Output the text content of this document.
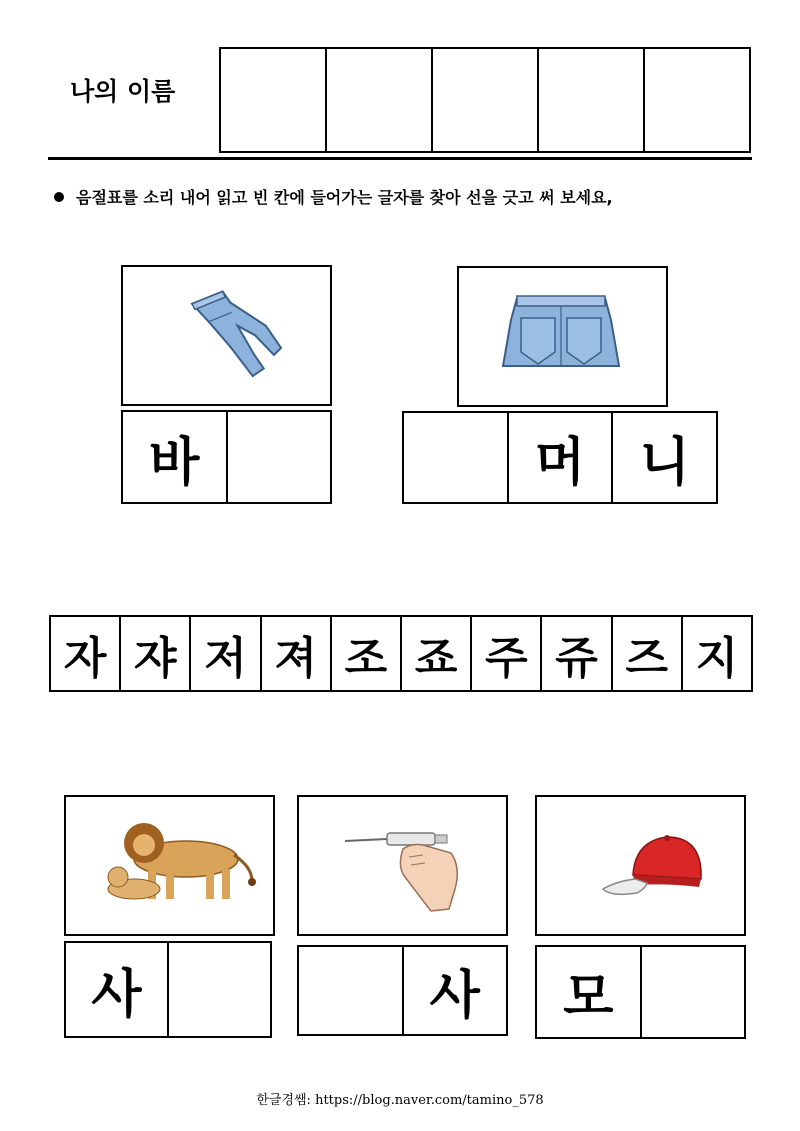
나의 이름
음절표를 소리 내어 읽고 빈 칸에 들어가는 글자를 찾아 선을 긋고 써 보세요,
바	머	니
자 쟈 저 져 조 죠 주 쥬 즈 지
사	사	모
한글경쌤: https://blog.naver.com/tamino_578
